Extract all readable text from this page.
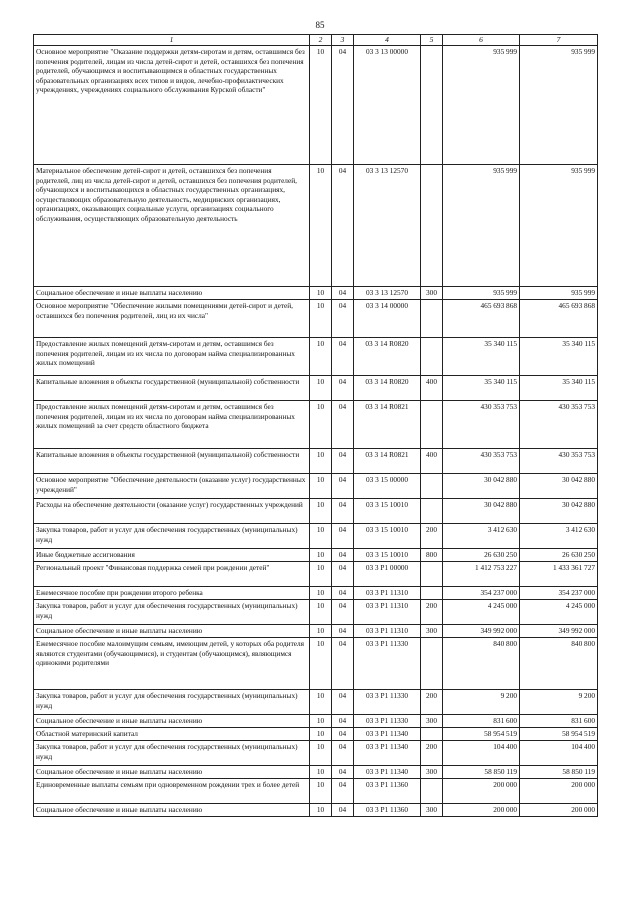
85
1	2	3	4	5	6	7
Основное мероприятие "Оказание поддержки детям-сиротам и детям, оставшимся без попечения родителей, лицам из числа детей-сирот и детей, оставшихся без попечения родителей, обучающимся и воспитывающимся в областных государственных образовательных организациях всех типов и видов, лечебно-профилактических учреждениях, учреждениях социального обслуживания Курской области"	10	04	03 3 13 00000		935 999	935 999
Материальное обеспечение детей-сирот и детей, оставшихся без попечения родителей, лиц из числа детей-сирот и детей, оставшихся без попечения родителей, обучающихся и воспитывающихся в областных государственных организациях, осуществляющих образовательную деятельность, медицинских организациях, организациях, оказывающих социальные услуги, организациях социального обслуживания, осуществляющих образовательную деятельность	10	04	03 3 13 12570		935 999	935 999
Социальное обеспечение и иные выплаты населению	10	04	03 3 13 12570	300	935 999	935 999
Основное мероприятие "Обеспечение жилыми помещениями детей-сирот и детей, оставшихся без попечения родителей, лиц из их числа"	10	04	03 3 14 00000		465 693 868	465 693 868
Предоставление жилых помещений детям-сиротам и детям, оставшимся без попечения родителей, лицам из их числа по договорам найма специализированных жилых помещений	10	04	03 3 14 R0820		35 340 115	35 340 115
Капитальные вложения в объекты государственной (муниципальной) собственности	10	04	03 3 14 R0820	400	35 340 115	35 340 115
Предоставление жилых помещений детям-сиротам и детям, оставшимся без попечения родителей, лицам из их числа по договорам найма специализированных жилых помещений за счет средств областного бюджета	10	04	03 3 14 R0821		430 353 753	430 353 753
Капитальные вложения в объекты государственной (муниципальной) собственности	10	04	03 3 14 R0821	400	430 353 753	430 353 753
Основное мероприятие "Обеспечение деятельности (оказание услуг) государственных учреждений"	10	04	03 3 15 00000		30 042 880	30 042 880
Расходы на обеспечение деятельности (оказание услуг) государственных учреждений	10	04	03 3 15 10010		30 042 880	30 042 880
Закупка товаров, работ и услуг для обеспечения государственных (муниципальных) нужд	10	04	03 3 15 10010	200	3 412 630	3 412 630
Иные бюджетные ассигнования	10	04	03 3 15 10010	800	26 630 250	26 630 250
Региональный проект "Финансовая поддержка семей при рождении детей"	10	04	03 3 P1 00000		1 412 753 227	1 433 361 727
Ежемесячное пособие при рождении второго ребенка	10	04	03 3 P1 11310		354 237 000	354 237 000
Закупка товаров, работ и услуг для обеспечения государственных (муниципальных) нужд	10	04	03 3 P1 11310	200	4 245 000	4 245 000
Социальное обеспечение и иные выплаты населению	10	04	03 3 P1 11310	300	349 992 000	349 992 000
Ежемесячное пособие малоимущим семьям, имеющим детей, у которых оба родителя являются студентами (обучающимися), и студентам (обучающимся), являющимся одинокими родителями	10	04	03 3 P1 11330		840 800	840 800
Закупка товаров, работ и услуг для обеспечения государственных (муниципальных) нужд	10	04	03 3 P1 11330	200	9 200	9 200
Социальное обеспечение и иные выплаты населению	10	04	03 3 P1 11330	300	831 600	831 600
Областной материнский капитал	10	04	03 3 P1 11340		58 954 519	58 954 519
Закупка товаров, работ и услуг для обеспечения государственных (муниципальных) нужд	10	04	03 3 P1 11340	200	104 400	104 400
Социальное обеспечение и иные выплаты населению	10	04	03 3 P1 11340	300	58 850 119	58 850 119
Единовременные выплаты семьям при одновременном рождении трех и более детей	10	04	03 3 P1 11360		200 000	200 000
Социальное обеспечение и иные выплаты населению	10	04	03 3 P1 11360	300	200 000	200 000
